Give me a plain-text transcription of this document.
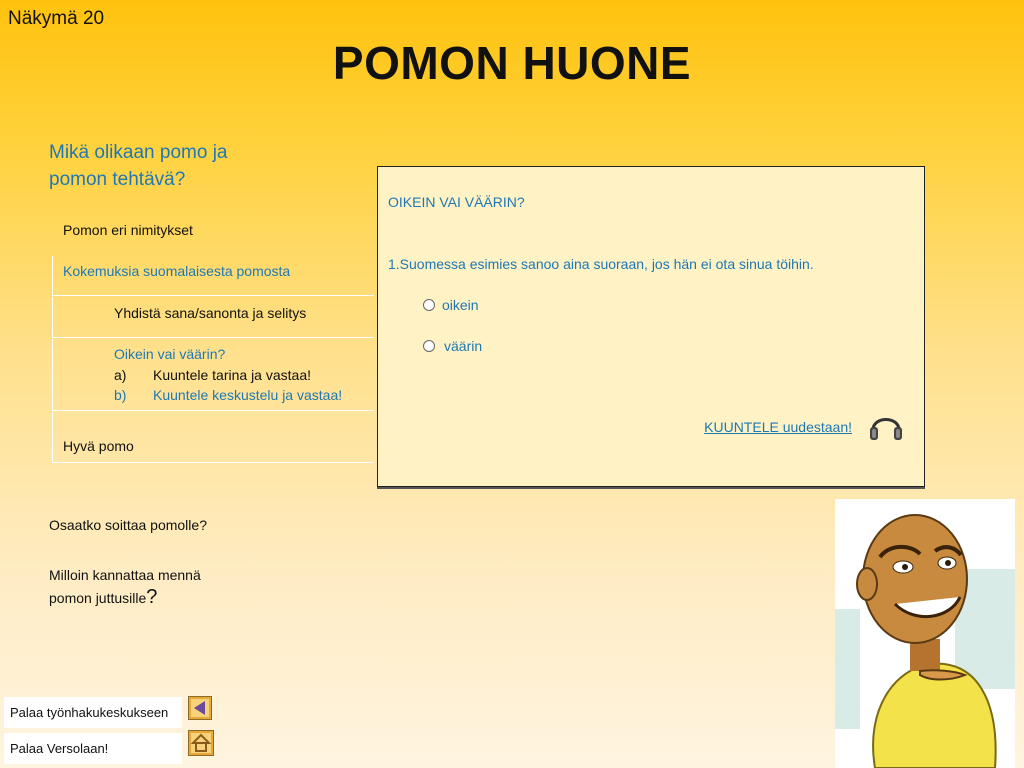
Näkymä 20
POMON HUONE
Mikä olikaan pomo ja
pomon tehtävä?
Pomon eri nimitykset
Kokemuksia suomalaisesta pomosta
Yhdistä sana/sanonta ja selitys
Oikein vai väärin?
a) Kuuntele tarina ja vastaa!
b) Kuuntele keskustelu ja vastaa!
Hyvä pomo
OIKEIN VAI VÄÄRIN?
1.Suomessa esimies sanoo aina suoraan, jos hän ei ota sinua töihin.
oikein
väärin
KUUNTELE uudestaan!
Osaatko soittaa pomolle?
Milloin kannattaa mennä
pomon juttusille?
Palaa työnhakukeskukseen
Palaa Versolaan!
